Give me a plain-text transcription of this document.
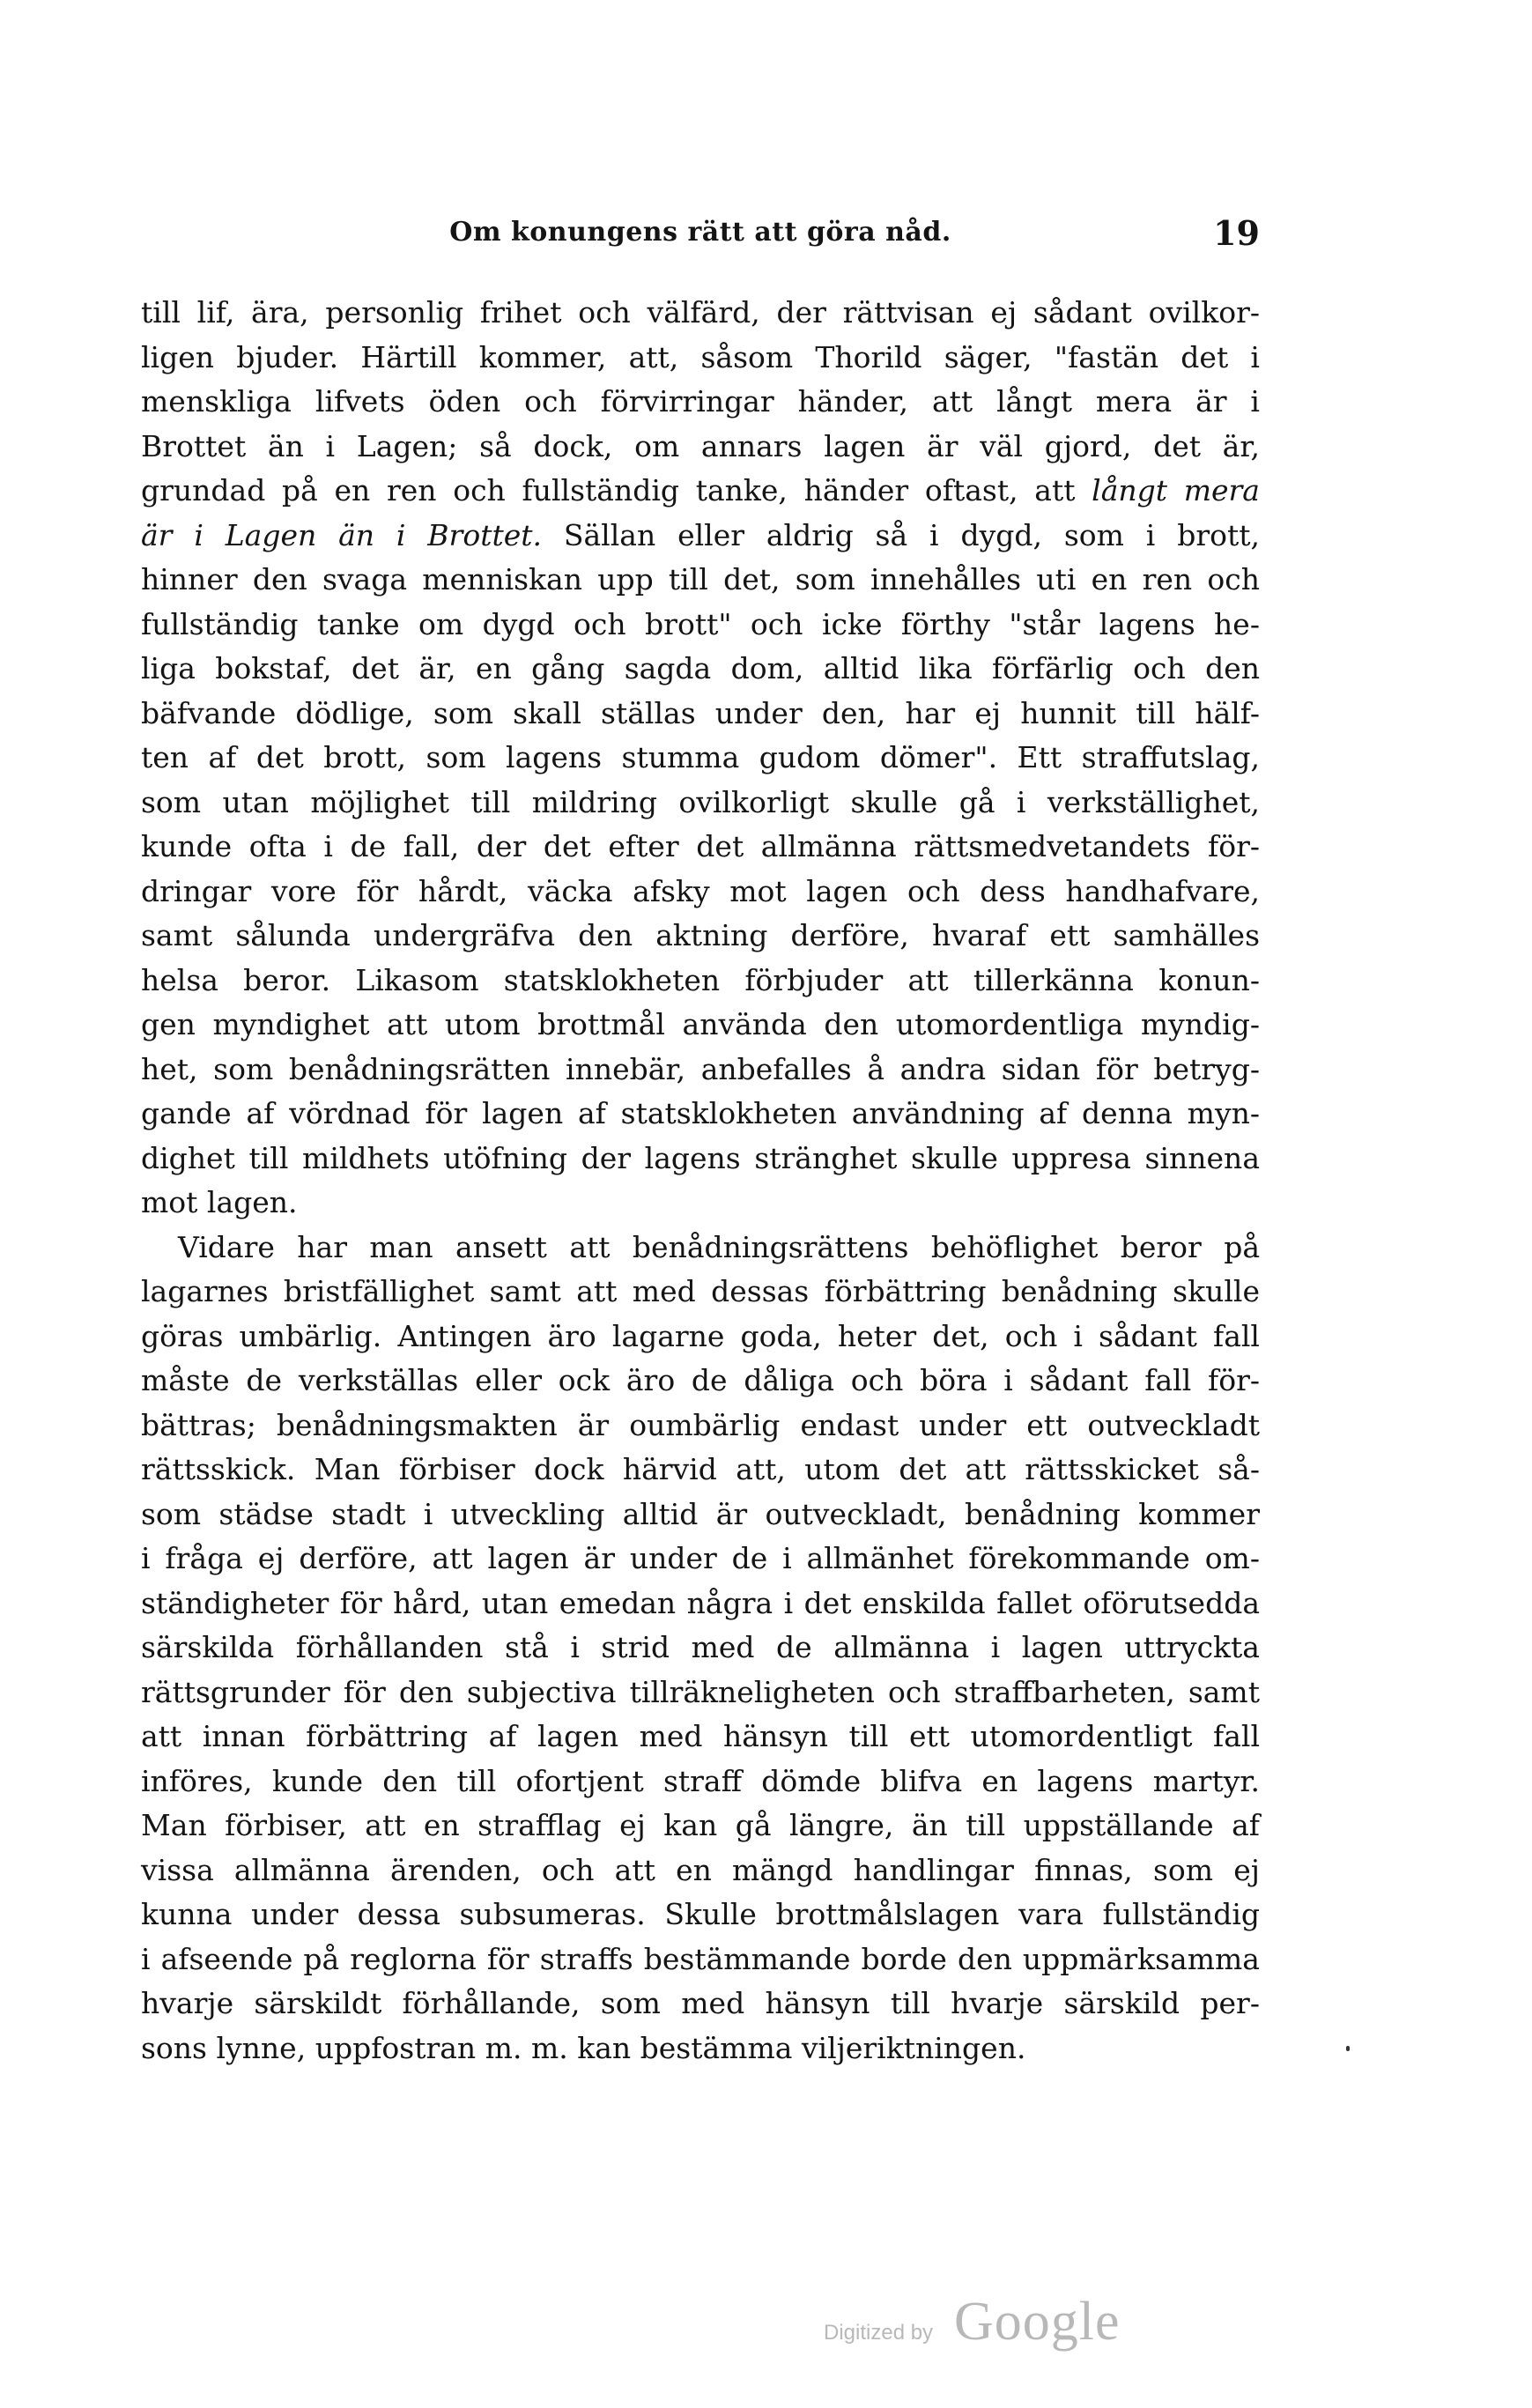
Om konungens rätt att göra nåd.	19
till lif, ära, personlig frihet och välfärd, der rättvisan ej sådant ovilkor-
ligen bjuder. Härtill kommer, att, såsom Thorild säger, "fastän det i
menskliga lifvets öden och förvirringar händer, att långt mera är i
Brottet än i Lagen; så dock, om annars lagen är väl gjord, det är,
grundad på en ren och fullständig tanke, händer oftast, att långt mera
är i Lagen än i Brottet. Sällan eller aldrig så i dygd, som i brott,
hinner den svaga menniskan upp till det, som innehålles uti en ren och
fullständig tanke om dygd och brott" och icke förthy "står lagens he-
liga bokstaf, det är, en gång sagda dom, alltid lika förfärlig och den
bäfvande dödlige, som skall ställas under den, har ej hunnit till hälf-
ten af det brott, som lagens stumma gudom dömer". Ett straffutslag,
som utan möjlighet till mildring ovilkorligt skulle gå i verkställighet,
kunde ofta i de fall, der det efter det allmänna rättsmedvetandets för-
dringar vore för hårdt, väcka afsky mot lagen och dess handhafvare,
samt sålunda undergräfva den aktning derföre, hvaraf ett samhälles
helsa beror. Likasom statsklokheten förbjuder att tillerkänna konun-
gen myndighet att utom brottmål använda den utomordentliga myndig-
het, som benådningsrätten innebär, anbefalles å andra sidan för betryg-
gande af vördnad för lagen af statsklokheten användning af denna myn-
dighet till mildhets utöfning der lagens stränghet skulle uppresa sinnena
mot lagen.
Vidare har man ansett att benådningsrättens behöflighet beror på
lagarnes bristfällighet samt att med dessas förbättring benådning skulle
göras umbärlig. Antingen äro lagarne goda, heter det, och i sådant fall
måste de verkställas eller ock äro de dåliga och böra i sådant fall för-
bättras; benådningsmakten är oumbärlig endast under ett outveckladt
rättsskick. Man förbiser dock härvid att, utom det att rättsskicket så-
som städse stadt i utveckling alltid är outveckladt, benådning kommer
i fråga ej derföre, att lagen är under de i allmänhet förekommande om-
ständigheter för hård, utan emedan några i det enskilda fallet oförutsedda
särskilda förhållanden stå i strid med de allmänna i lagen uttryckta
rättsgrunder för den subjectiva tillräkneligheten och straffbarheten, samt
att innan förbättring af lagen med hänsyn till ett utomordentligt fall
införes, kunde den till ofortjent straff dömde blifva en lagens martyr.
Man förbiser, att en strafflag ej kan gå längre, än till uppställande af
vissa allmänna ärenden, och att en mängd handlingar finnas, som ej
kunna under dessa subsumeras. Skulle brottmålslagen vara fullständig
i afseende på reglorna för straffs bestämmande borde den uppmärksamma
hvarje särskildt förhållande, som med hänsyn till hvarje särskild per-
sons lynne, uppfostran m. m. kan bestämma viljeriktningen.
Digitized by Google
